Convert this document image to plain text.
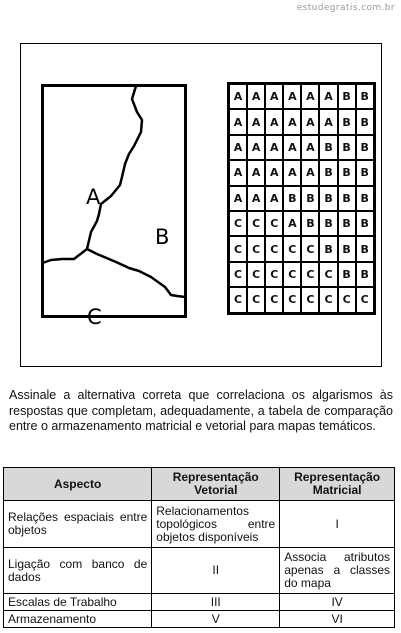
estudegratis.com.br
A
B
C
A A A A A A B B
A A A A A A B B
A A A A A B B B
A A A A A B B B
A A A B B B B B
C C C A B B B B
C C C C C B B B
C C C C C C B B
C C C C C C C C
Assinale a alternativa correta que correlaciona os algarismos às respostas que completam, adequadamente, a tabela de comparação entre o armazenamento matricial e vetorial para mapas temáticos.
Aspecto	Representação Vetorial	Representação Matricial
Relações espaciais entre objetos	Relacionamentos topológicos entre objetos disponíveis	I
Ligação com banco de dados	II	Associa atributos apenas a classes do mapa
Escalas de Trabalho	III	IV
Armazenamento	V	VI
